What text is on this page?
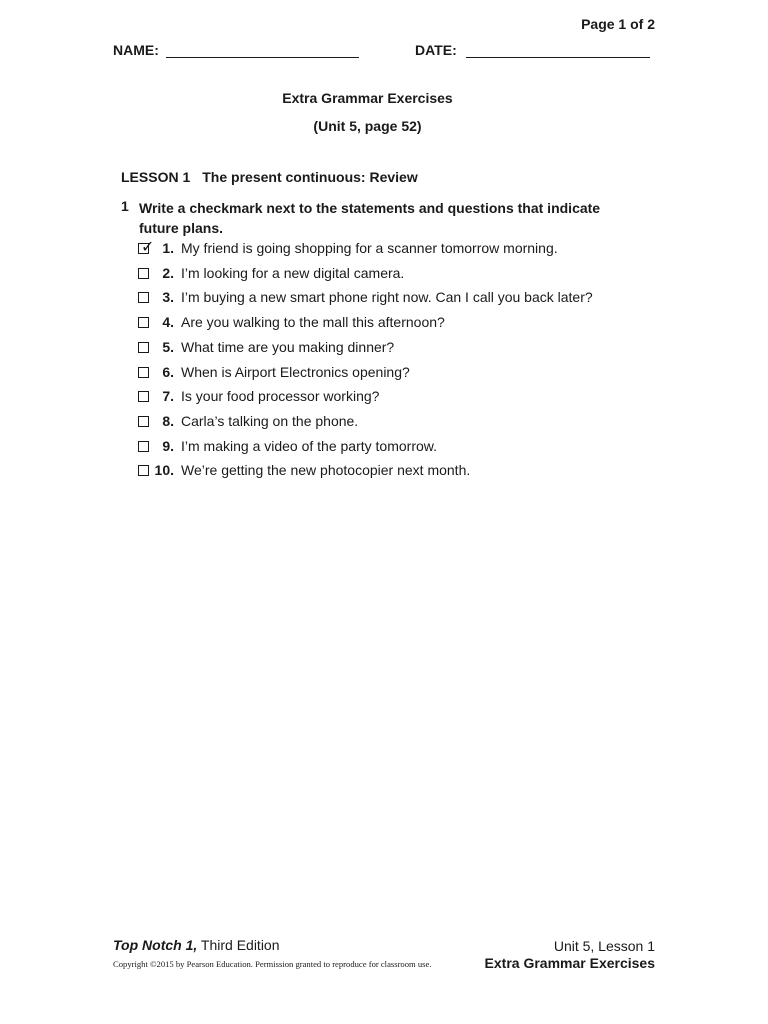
Page 1 of 2
NAME:	DATE:
Extra Grammar Exercises
(Unit 5, page 52)
LESSON 1 The present continuous: Review
1 Write a checkmark next to the statements and questions that indicate future plans.
✓ 1. My friend is going shopping for a scanner tomorrow morning.
2. I’m looking for a new digital camera.
3. I’m buying a new smart phone right now. Can I call you back later?
4. Are you walking to the mall this afternoon?
5. What time are you making dinner?
6. When is Airport Electronics opening?
7. Is your food processor working?
8. Carla’s talking on the phone.
9. I’m making a video of the party tomorrow.
10. We’re getting the new photocopier next month.
Top Notch 1, Third Edition
Copyright ©2015 by Pearson Education. Permission granted to reproduce for classroom use.
Unit 5, Lesson 1
Extra Grammar Exercises
